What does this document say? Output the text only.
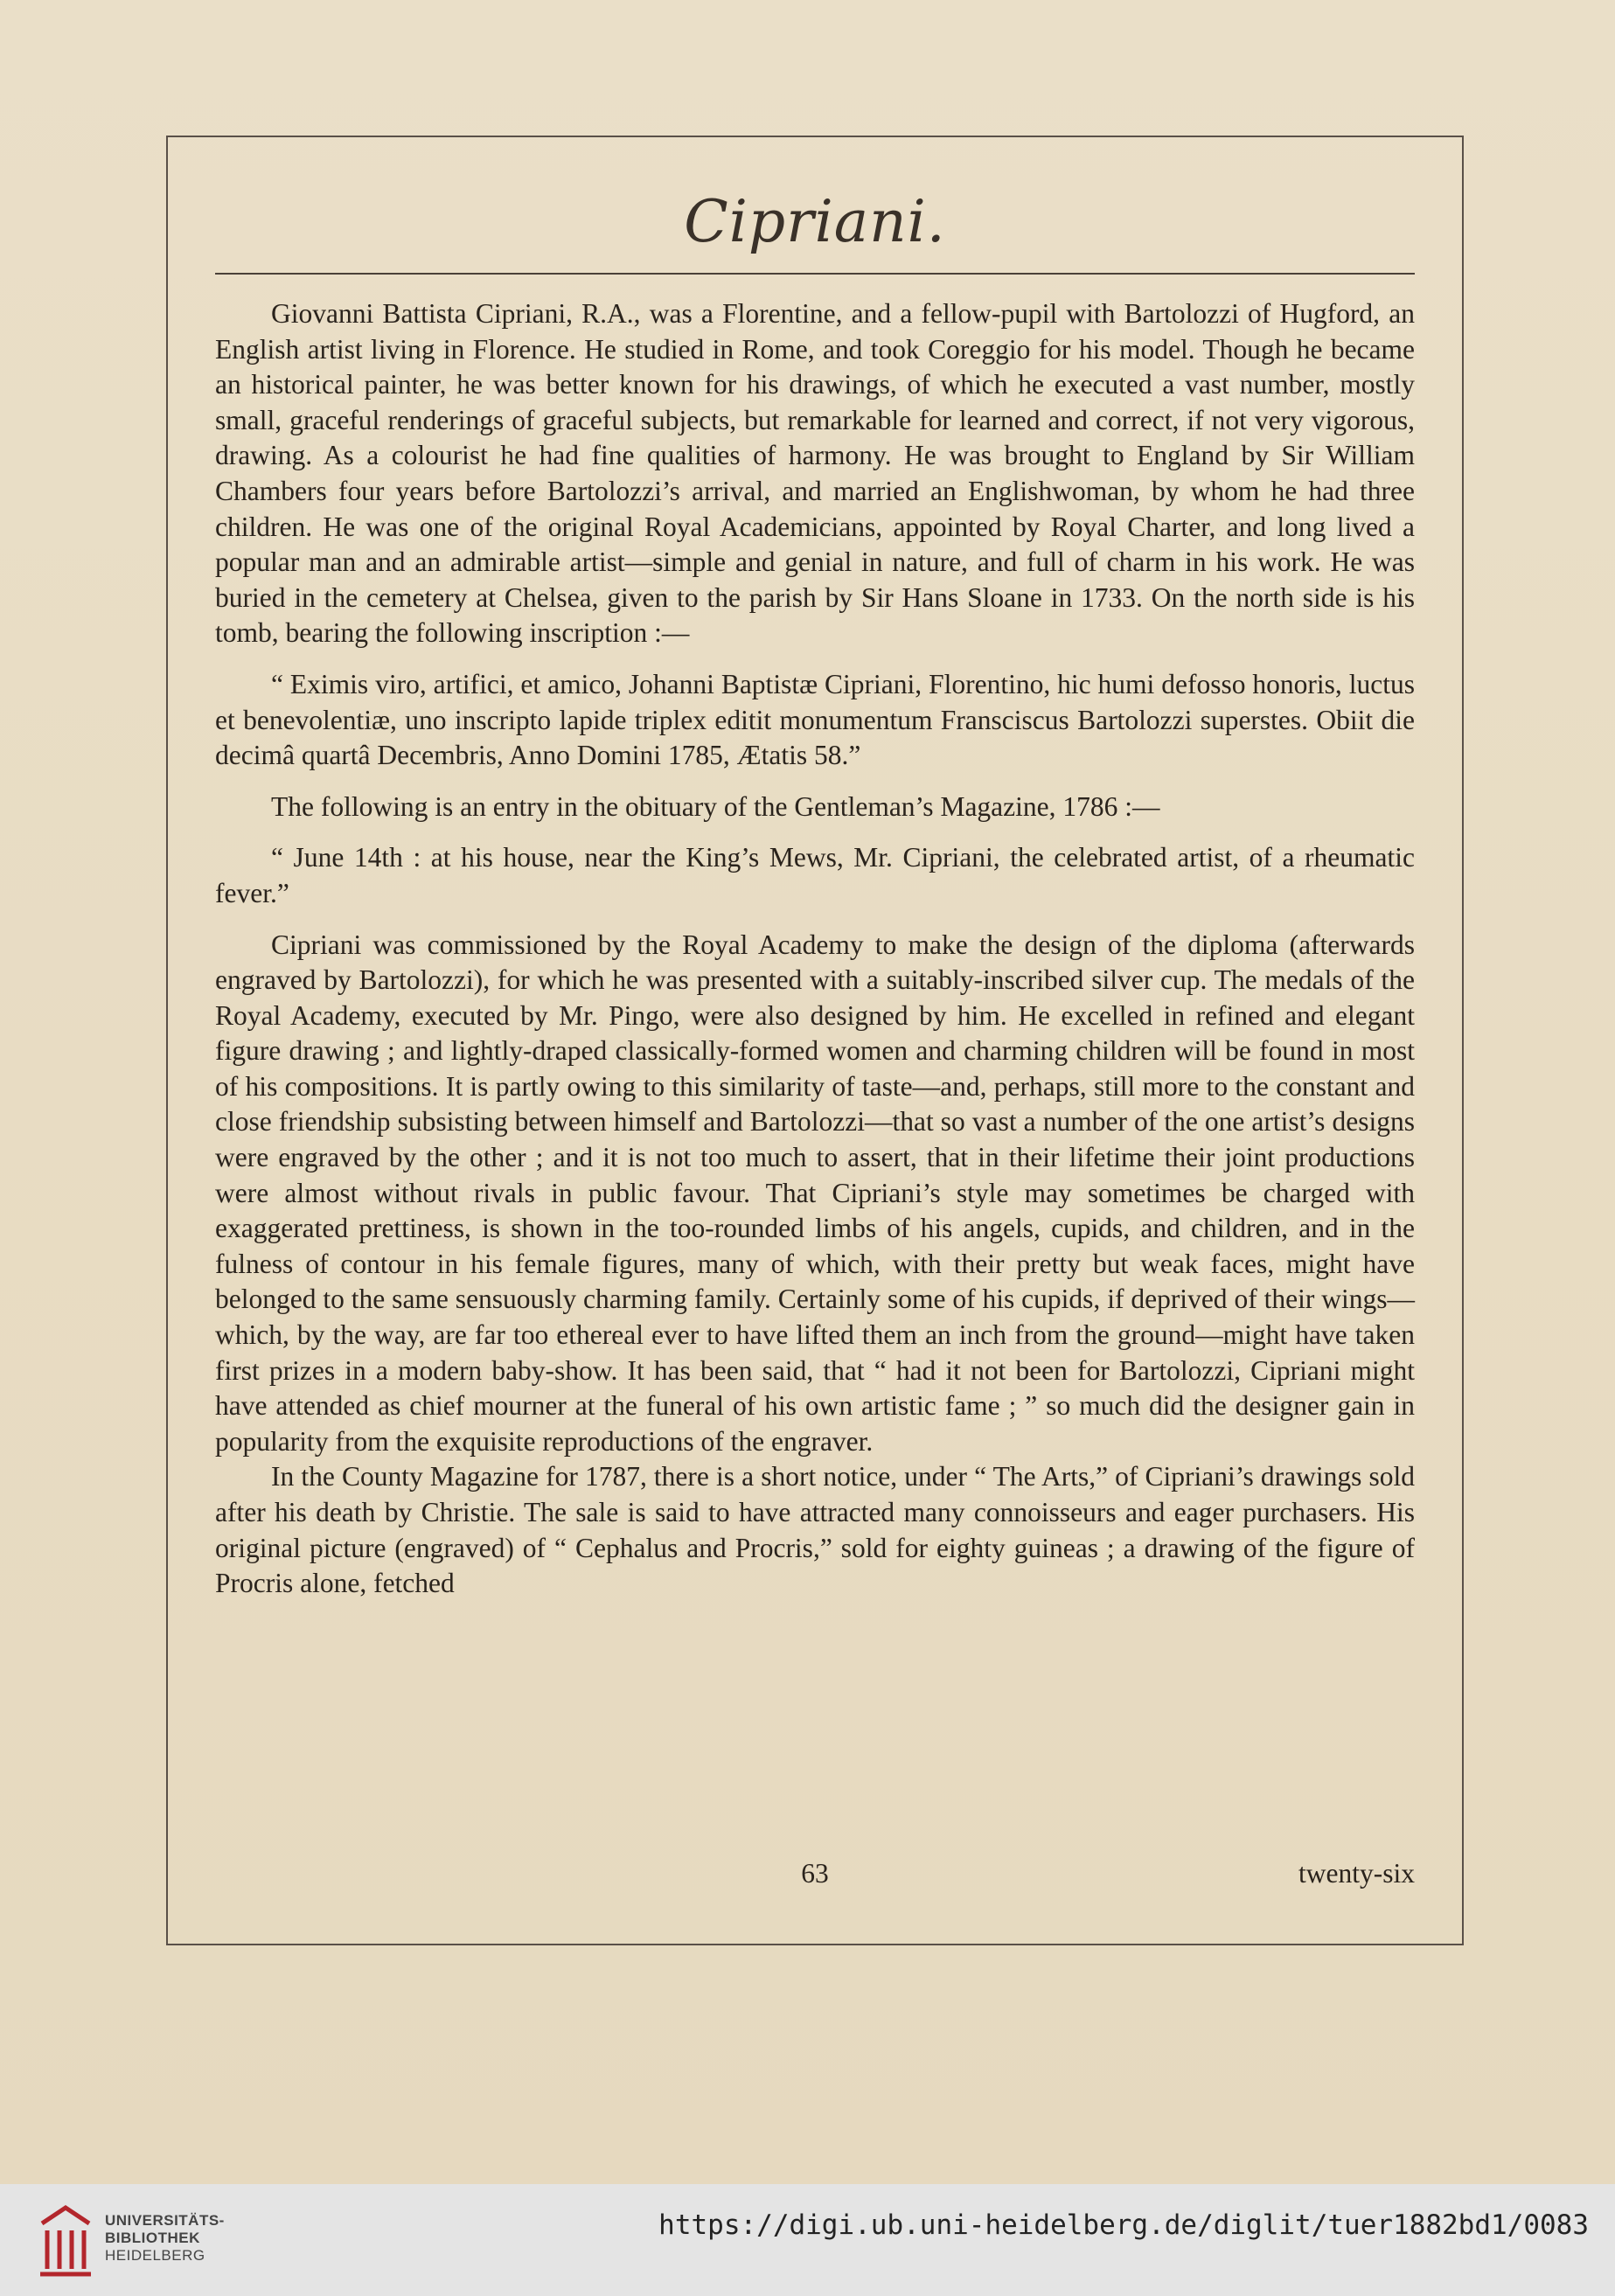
Cipriani.

Giovanni Battista Cipriani, R.A., was a Florentine, and a fellow-pupil with Bartolozzi of Hugford, an English artist living in Florence. He studied in Rome, and took Coreggio for his model. Though he became an historical painter, he was better known for his drawings, of which he executed a vast number, mostly small, graceful renderings of graceful subjects, but remarkable for learned and correct, if not very vigorous, drawing. As a colourist he had fine qualities of harmony. He was brought to England by Sir William Chambers four years before Bartolozzi’s arrival, and married an Englishwoman, by whom he had three children. He was one of the original Royal Academicians, appointed by Royal Charter, and long lived a popular man and an admirable artist—simple and genial in nature, and full of charm in his work. He was buried in the cemetery at Chelsea, given to the parish by Sir Hans Sloane in 1733. On the north side is his tomb, bearing the following inscription :—

“ Eximis viro, artifici, et amico, Johanni Baptistæ Cipriani, Florentino, hic humi defosso honoris, luctus et benevolentiæ, uno inscripto lapide triplex editit monumentum Fransciscus Bartolozzi superstes. Obiit die decimâ quartâ Decembris, Anno Domini 1785, Ætatis 58.”

The following is an entry in the obituary of the Gentleman’s Magazine, 1786 :—

“ June 14th : at his house, near the King’s Mews, Mr. Cipriani, the celebrated artist, of a rheumatic fever.”

Cipriani was commissioned by the Royal Academy to make the design of the diploma (afterwards engraved by Bartolozzi), for which he was presented with a suitably-inscribed silver cup. The medals of the Royal Academy, executed by Mr. Pingo, were also designed by him. He excelled in refined and elegant figure drawing ; and lightly-draped classically-formed women and charming children will be found in most of his compositions. It is partly owing to this similarity of taste—and, perhaps, still more to the constant and close friendship subsisting between himself and Bartolozzi—that so vast a number of the one artist’s designs were engraved by the other ; and it is not too much to assert, that in their lifetime their joint productions were almost without rivals in public favour. That Cipriani’s style may sometimes be charged with exaggerated prettiness, is shown in the too-rounded limbs of his angels, cupids, and children, and in the fulness of contour in his female figures, many of which, with their pretty but weak faces, might have belonged to the same sensuously charming family. Certainly some of his cupids, if deprived of their wings—which, by the way, are far too ethereal ever to have lifted them an inch from the ground—might have taken first prizes in a modern baby-show. It has been said, that “ had it not been for Bartolozzi, Cipriani might have attended as chief mourner at the funeral of his own artistic fame ; ” so much did the designer gain in popularity from the exquisite reproductions of the engraver.

In the County Magazine for 1787, there is a short notice, under “ The Arts,” of Cipriani’s drawings sold after his death by Christie. The sale is said to have attracted many connoisseurs and eager purchasers. His original picture (engraved) of “ Cephalus and Procris,” sold for eighty guineas ; a drawing of the figure of Procris alone, fetched

63	twenty-six
UNIVERSITÄTS-
BIBLIOTHEK
HEIDELBERG
https://digi.ub.uni-heidelberg.de/diglit/tuer1882bd1/0083
